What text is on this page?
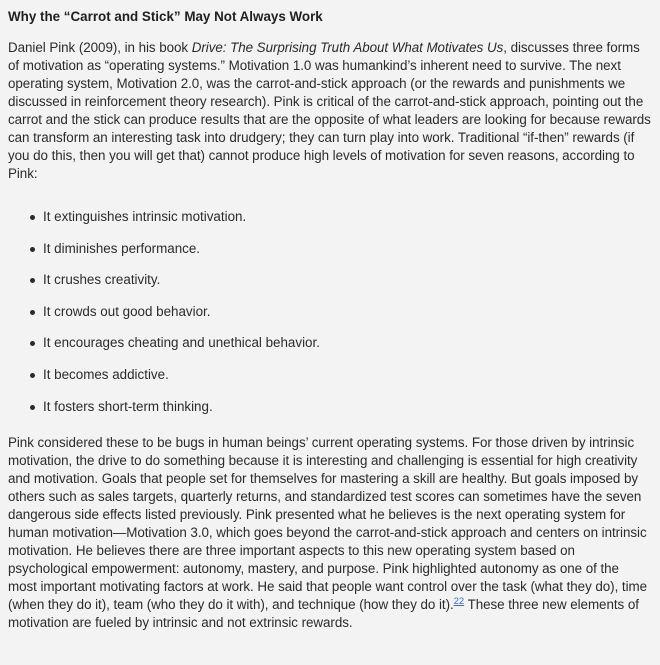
Why the “Carrot and Stick” May Not Always Work

Daniel Pink (2009), in his book Drive: The Surprising Truth About What Motivates Us, discusses three forms of motivation as “operating systems.” Motivation 1.0 was humankind’s inherent need to survive. The next operating system, Motivation 2.0, was the carrot-and-stick approach (or the rewards and punishments we discussed in reinforcement theory research). Pink is critical of the carrot-and-stick approach, pointing out the carrot and the stick can produce results that are the opposite of what leaders are looking for because rewards can transform an interesting task into drudgery; they can turn play into work. Traditional “if-then” rewards (if you do this, then you will get that) cannot produce high levels of motivation for seven reasons, according to Pink:

It extinguishes intrinsic motivation.
It diminishes performance.
It crushes creativity.
It crowds out good behavior.
It encourages cheating and unethical behavior.
It becomes addictive.
It fosters short-term thinking.

Pink considered these to be bugs in human beings’ current operating systems. For those driven by intrinsic motivation, the drive to do something because it is interesting and challenging is essential for high creativity and motivation. Goals that people set for themselves for mastering a skill are healthy. But goals imposed by others such as sales targets, quarterly returns, and standardized test scores can sometimes have the seven dangerous side effects listed previously. Pink presented what he believes is the next operating system for human motivation—Motivation 3.0, which goes beyond the carrot-and-stick approach and centers on intrinsic motivation. He believes there are three important aspects to this new operating system based on psychological empowerment: autonomy, mastery, and purpose. Pink highlighted autonomy as one of the most important motivating factors at work. He said that people want control over the task (what they do), time (when they do it), team (who they do it with), and technique (how they do it).$^{22}$ These three new elements of motivation are fueled by intrinsic and not extrinsic rewards.
